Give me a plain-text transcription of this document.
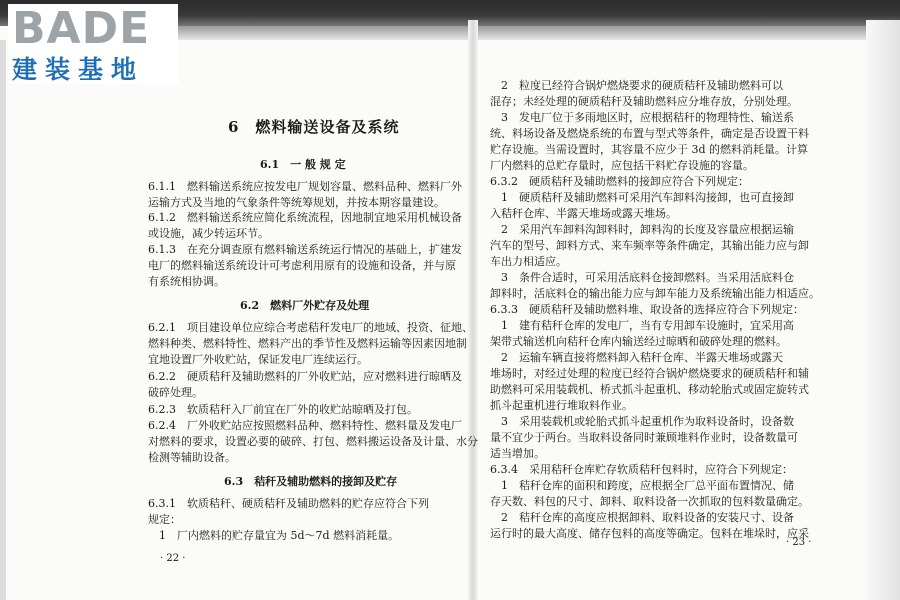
BADE
建装基地
6　燃料输送设备及系统
6.1　一 般 规 定
6.1.1　燃料输送系统应按发电厂规划容量、燃料品种、燃料厂外
运输方式及当地的气象条件等统筹规划，并按本期容量建设。
6.1.2　燃料输送系统应简化系统流程，因地制宜地采用机械设备
或设施，减少转运环节。
6.1.3　在充分调查原有燃料输送系统运行情况的基础上，扩建发
电厂的燃料输送系统设计可考虑利用原有的设施和设备，并与原
有系统相协调。
6.2　燃料厂外贮存及处理
6.2.1　项目建设单位应综合考虑秸秆发电厂的地域、投资、征地、
燃料种类、燃料特性、燃料产出的季节性及燃料运输等因素因地制
宜地设置厂外收贮站，保证发电厂连续运行。
6.2.2　硬质秸秆及辅助燃料的厂外收贮站，应对燃料进行晾晒及
破碎处理。
6.2.3　软质秸秆入厂前宜在厂外的收贮站晾晒及打包。
6.2.4　厂外收贮站应按照燃料品种、燃料特性、燃料量及发电厂
对燃料的要求，设置必要的破碎、打包、燃料搬运设备及计量、水分
检测等辅助设备。
6.3　秸秆及辅助燃料的接卸及贮存
6.3.1　软质秸秆、硬质秸秆及辅助燃料的贮存应符合下列
规定：
　1　厂内燃料的贮存量宜为 5d～7d 燃料消耗量。
· 22 ·
　2　粒度已经符合锅炉燃烧要求的硬质秸秆及辅助燃料可以
混存；未经处理的硬质秸秆及辅助燃料应分堆存放，分别处理。
　3　发电厂位于多雨地区时，应根据秸秆的物理特性、输送系
统、料场设备及燃烧系统的布置与型式等条件，确定是否设置干料
贮存设施。当需设置时，其容量不应少于 3d 的燃料消耗量。计算
厂内燃料的总贮存量时，应包括干料贮存设施的容量。
6.3.2　硬质秸秆及辅助燃料的接卸应符合下列规定：
　1　硬质秸秆及辅助燃料可采用汽车卸料沟接卸，也可直接卸
入秸秆仓库、半露天堆场或露天堆场。
　2　采用汽车卸料沟卸料时，卸料沟的长度及容量应根据运输
汽车的型号、卸料方式、来车频率等条件确定，其输出能力应与卸
车出力相适应。
　3　条件合适时，可采用活底料仓接卸燃料。当采用活底料仓
卸料时，活底料仓的输出能力应与卸车能力及系统输出能力相适应。
6.3.3　硬质秸秆及辅助燃料堆、取设备的选择应符合下列规定：
　1　建有秸秆仓库的发电厂，当有专用卸车设施时，宜采用高
架带式输送机向秸秆仓库内输送经过晾晒和破碎处理的燃料。
　2　运输车辆直接将燃料卸入秸秆仓库、半露天堆场或露天
堆场时，对经过处理的粒度已经符合锅炉燃烧要求的硬质秸秆和辅
助燃料可采用装载机、桥式抓斗起重机、移动轮胎式或固定旋转式
抓斗起重机进行堆取料作业。
　3　采用装载机或轮胎式抓斗起重机作为取料设备时，设备数
量不宜少于两台。当取料设备同时兼顾堆料作业时，设备数量可
适当增加。
6.3.4　采用秸秆仓库贮存软质秸秆包料时，应符合下列规定：
　1　秸秆仓库的面积和跨度，应根据全厂总平面布置情况、储
存天数、料包的尺寸、卸料、取料设备一次抓取的包料数量确定。
　2　秸秆仓库的高度应根据卸料、取料设备的安装尺寸、设备
运行时的最大高度、储存包料的高度等确定。包料在堆垛时，应采
· 23 ·
